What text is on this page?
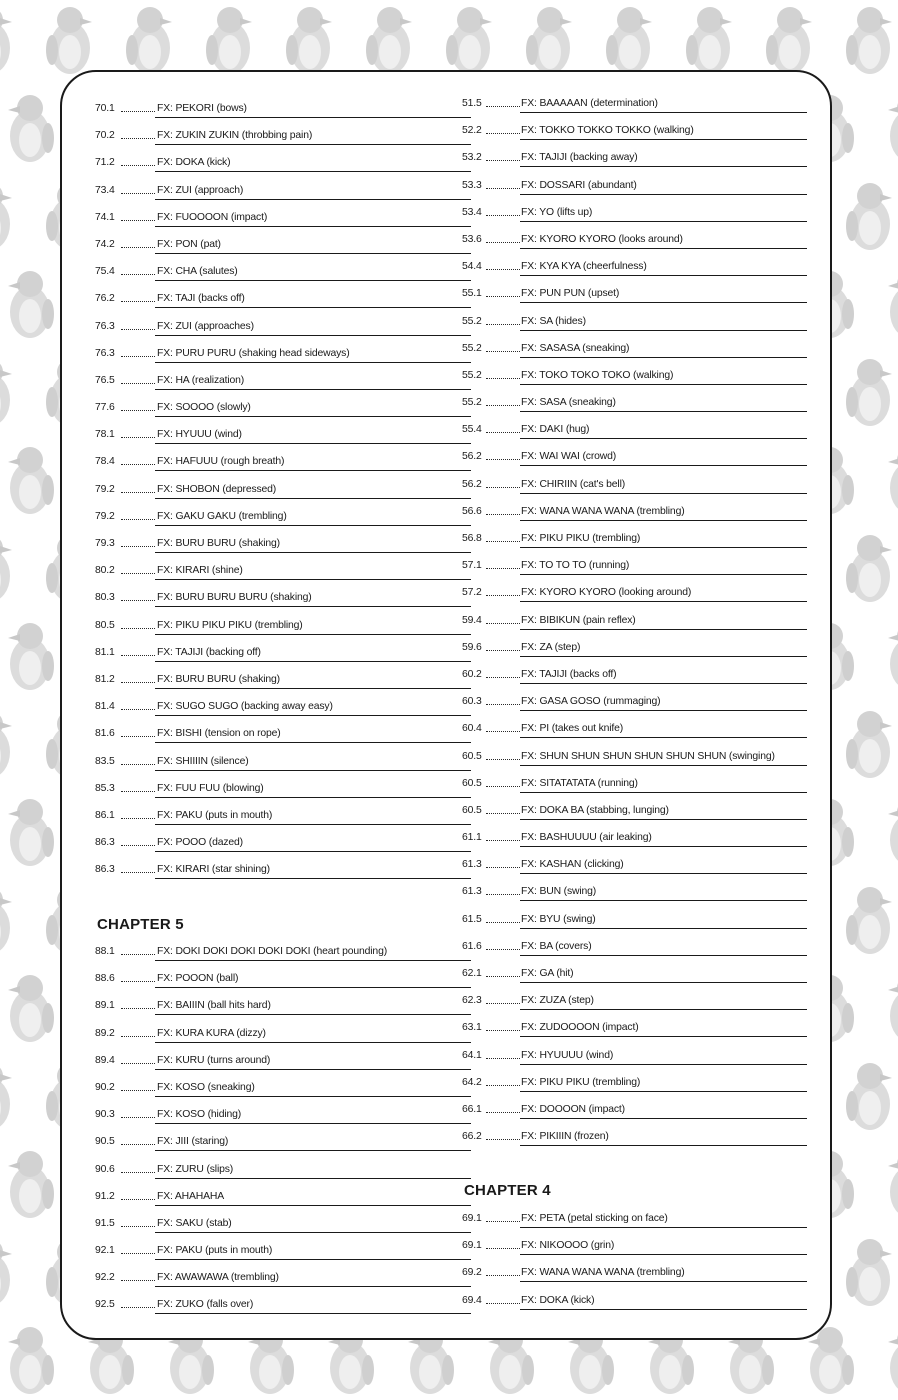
70.1	FX: PEKORI (bows)
70.2	FX: ZUKIN ZUKIN (throbbing pain)
71.2	FX: DOKA (kick)
73.4	FX: ZUI (approach)
74.1	FX: FUOOOON (impact)
74.2	FX: PON (pat)
75.4	FX: CHA (salutes)
76.2	FX: TAJI (backs off)
76.3	FX: ZUI (approaches)
76.3	FX: PURU PURU (shaking head sideways)
76.5	FX: HA (realization)
77.6	FX: SOOOO (slowly)
78.1	FX: HYUUU (wind)
78.4	FX: HAFUUU (rough breath)
79.2	FX: SHOBON (depressed)
79.2	FX: GAKU GAKU (trembling)
79.3	FX: BURU BURU (shaking)
80.2	FX: KIRARI (shine)
80.3	FX: BURU BURU BURU (shaking)
80.5	FX: PIKU PIKU PIKU (trembling)
81.1	FX: TAJIJI (backing off)
81.2	FX: BURU BURU (shaking)
81.4	FX: SUGO SUGO (backing away easy)
81.6	FX: BISHI (tension on rope)
83.5	FX: SHIIIIN (silence)
85.3	FX: FUU FUU (blowing)
86.1	FX: PAKU (puts in mouth)
86.3	FX: POOO (dazed)
86.3	FX: KIRARI (star shining)
CHAPTER 5
88.1	FX: DOKI DOKI DOKI DOKI DOKI (heart pounding)
88.6	FX: POOON (ball)
89.1	FX: BAIIIN (ball hits hard)
89.2	FX: KURA KURA (dizzy)
89.4	FX: KURU (turns around)
90.2	FX: KOSO (sneaking)
90.3	FX: KOSO (hiding)
90.5	FX: JIII (staring)
90.6	FX: ZURU (slips)
91.2	FX: AHAHAHA
91.5	FX: SAKU (stab)
92.1	FX: PAKU (puts in mouth)
92.2	FX: AWAWAWA (trembling)
92.5	FX: ZUKO (falls over)
51.5	FX: BAAAAAN (determination)
52.2	FX: TOKKO TOKKO TOKKO (walking)
53.2	FX: TAJIJI (backing away)
53.3	FX: DOSSARI (abundant)
53.4	FX: YO (lifts up)
53.6	FX: KYORO KYORO (looks around)
54.4	FX: KYA KYA (cheerfulness)
55.1	FX: PUN PUN (upset)
55.2	FX: SA (hides)
55.2	FX: SASASA (sneaking)
55.2	FX: TOKO TOKO TOKO (walking)
55.2	FX: SASA (sneaking)
55.4	FX: DAKI (hug)
56.2	FX: WAI WAI (crowd)
56.2	FX: CHIRIIN (cat's bell)
56.6	FX: WANA WANA WANA (trembling)
56.8	FX: PIKU PIKU (trembling)
57.1	FX: TO TO TO (running)
57.2	FX: KYORO KYORO (looking around)
59.4	FX: BIBIKUN (pain reflex)
59.6	FX: ZA (step)
60.2	FX: TAJIJI (backs off)
60.3	FX: GASA GOSO (rummaging)
60.4	FX: PI (takes out knife)
60.5	FX: SHUN SHUN SHUN SHUN SHUN SHUN (swinging)
60.5	FX: SITATATATA (running)
60.5	FX: DOKA BA (stabbing, lunging)
61.1	FX: BASHUUUU (air leaking)
61.3	FX: KASHAN (clicking)
61.3	FX: BUN (swing)
61.5	FX: BYU (swing)
61.6	FX: BA (covers)
62.1	FX: GA (hit)
62.3	FX: ZUZA (step)
63.1	FX: ZUDOOOON (impact)
64.1	FX: HYUUUU (wind)
64.2	FX: PIKU PIKU (trembling)
66.1	FX: DOOOON (impact)
66.2	FX: PIKIIIN (frozen)
CHAPTER 4
69.1	FX: PETA (petal sticking on face)
69.1	FX: NIKOOOO (grin)
69.2	FX: WANA WANA WANA (trembling)
69.4	FX: DOKA (kick)
